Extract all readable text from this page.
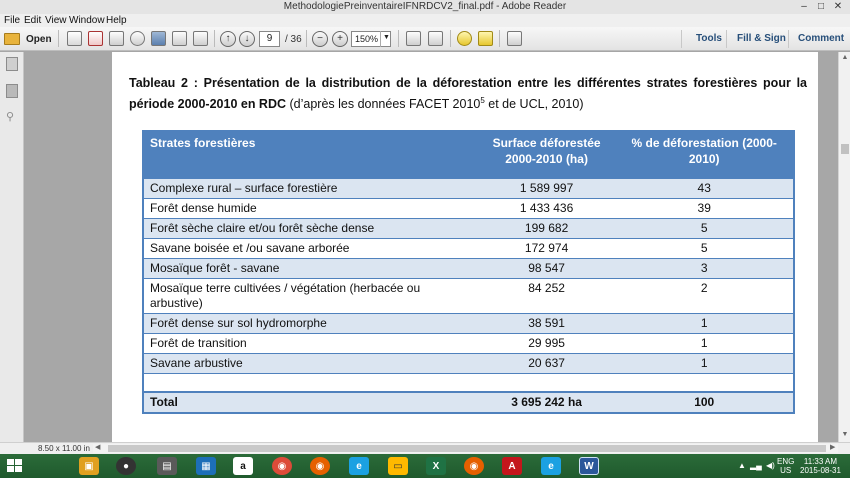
MethodologiePreinventaireIFNRDCV2_final.pdf - Adobe Reader	–	□ ✕
File Edit View Window Help
Open	↑	↓	9	/ 36	−	+	150% ▼	Tools Fill & Sign Comment
⚲
Tableau 2 : Présentation de la distribution de la déforestation entre les différentes strates forestières pour la période 2000-2010 en RDC (d’après les données FACET 2010$^5$ et de UCL, 2010)
Strates forestières	Surface déforestée 2000-2010 (ha)	% de déforestation (2000-2010)
Complexe rural – surface forestière	1 589 997	43
Forêt dense humide	1 433 436	39
Forêt sèche claire et/ou forêt sèche dense	199 682	5
Savane boisée et /ou savane arborée	172 974	5
Mosaïque forêt - savane	98 547	3
Mosaïque terre cultivées / végétation (herbacée ou arbustive)	84 252	2
Forêt dense sur sol hydromorphe	38 591	1
Forêt de transition	29 995	1
Savane arbustive	20 637	1

Total	3 695 242 ha	100
▲
▼
8.50 x 11.00 in ◀	▶
▣	●	▤	▦	a	◉	◉	e	▭	X	◉	A	e	W	▲ ▂▄ ◀) ENG
US
11:33 AM
2015-08-31
